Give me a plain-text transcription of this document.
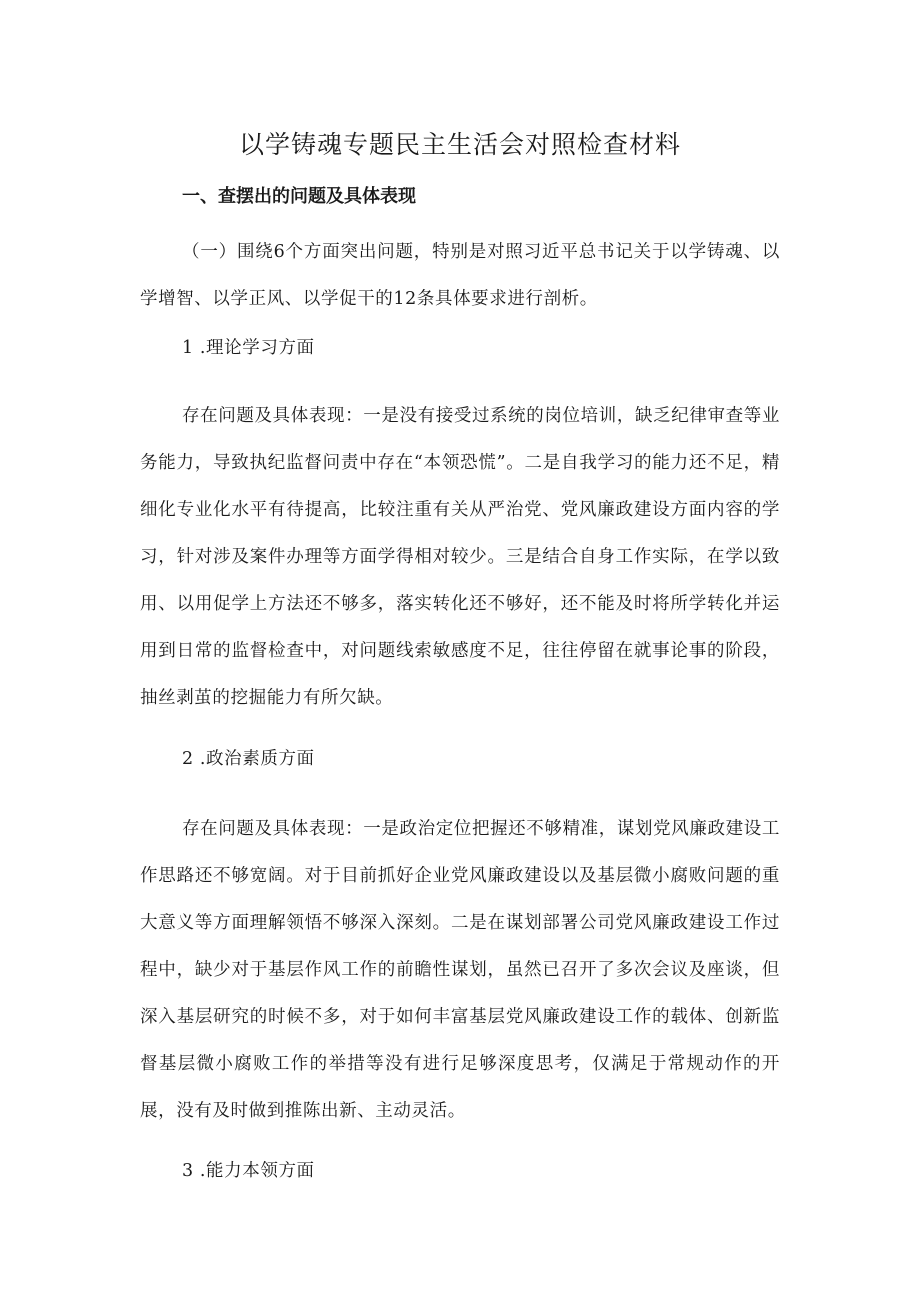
以学铸魂专题民主生活会对照检查材料
一、查摆出的问题及具体表现

（一）围绕6个方面突出问题，特别是对照习近平总书记关于以学铸魂、以学增智、以学正风、以学促干的12条具体要求进行剖析。

1 .理论学习方面

存在问题及具体表现：一是没有接受过系统的岗位培训，缺乏纪律审查等业务能力，导致执纪监督问责中存在“本领恐慌”。二是自我学习的能力还不足，精细化专业化水平有待提高，比较注重有关从严治党、党风廉政建设方面内容的学习，针对涉及案件办理等方面学得相对较少。三是结合自身工作实际，在学以致用、以用促学上方法还不够多，落实转化还不够好，还不能及时将所学转化并运用到日常的监督检查中，对问题线索敏感度不足，往往停留在就事论事的阶段，抽丝剥茧的挖掘能力有所欠缺。

2 .政治素质方面

存在问题及具体表现：一是政治定位把握还不够精准，谋划党风廉政建设工作思路还不够宽阔。对于目前抓好企业党风廉政建设以及基层微小腐败问题的重大意义等方面理解领悟不够深入深刻。二是在谋划部署公司党风廉政建设工作过程中，缺少对于基层作风工作的前瞻性谋划，虽然已召开了多次会议及座谈，但深入基层研究的时候不多，对于如何丰富基层党风廉政建设工作的载体、创新监督基层微小腐败工作的举措等没有进行足够深度思考，仅满足于常规动作的开展，没有及时做到推陈出新、主动灵活。

3 .能力本领方面
